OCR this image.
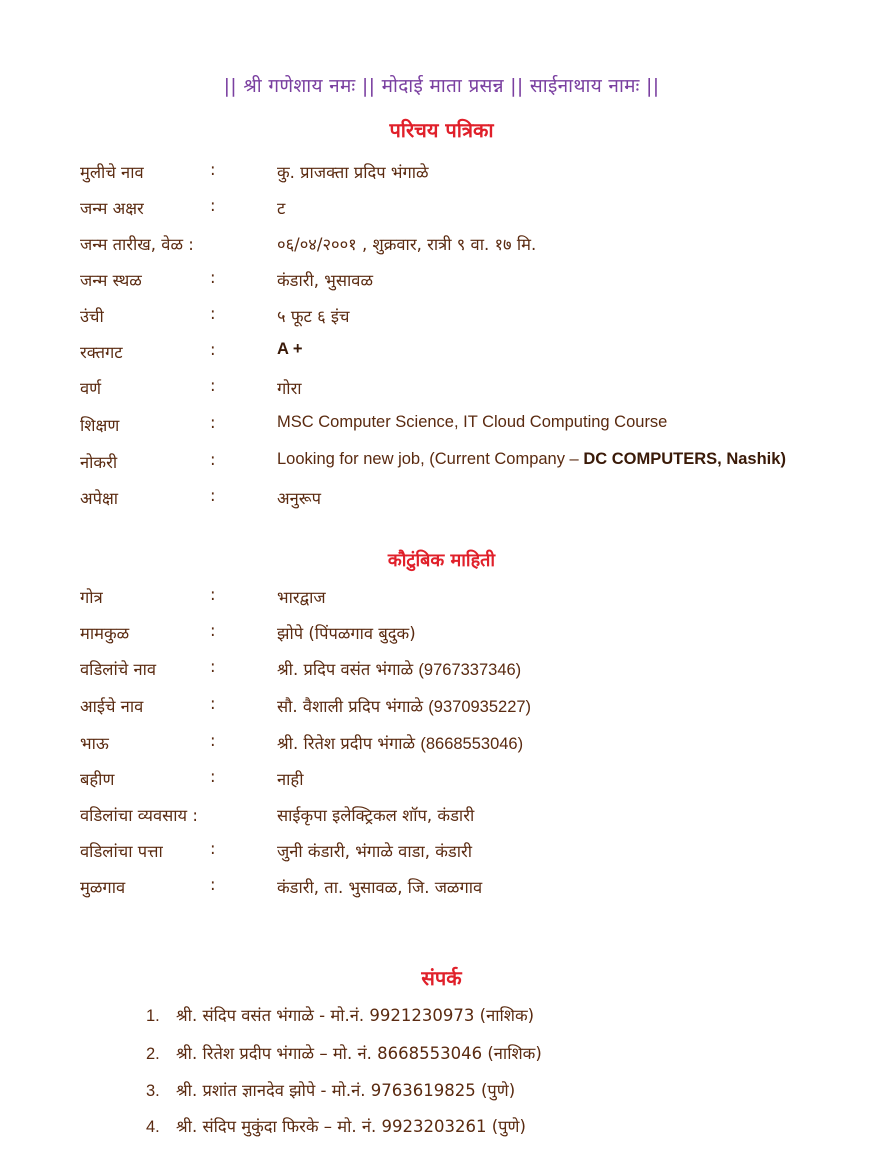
|| श्री गणेशाय नमः || मोदाई माता प्रसन्न || साईनाथाय नामः ||
परिचय पत्रिका
मुलीचे नाव	:	कु. प्राजक्ता प्रदिप भंगाळे
जन्म अक्षर	:	ट
जन्म तारीख, वेळ :	०६/०४/२००१ , शुक्रवार, रात्री ९ वा. १७ मि.
जन्म स्थळ	:	कंडारी, भुसावळ
उंची	:	५ फूट ६ इंच
रक्तगट	:	A +
वर्ण	:	गोरा
शिक्षण	:	MSC Computer Science, IT Cloud Computing Course
नोकरी	:	Looking for new job, (Current Company – DC COMPUTERS, Nashik)
अपेक्षा	:	अनुरूप
कौटुंबिक माहिती
गोत्र	:	भारद्वाज
मामकुळ	:	झोपे (पिंपळगाव बुदुक)
वडिलांचे नाव	:	श्री. प्रदिप वसंत भंगाळे (9767337346)
आईचे नाव	:	सौ. वैशाली प्रदिप भंगाळे (9370935227)
भाऊ	:	श्री. रितेश प्रदीप भंगाळे (8668553046)
बहीण	:	नाही
वडिलांचा व्यवसाय :	साईकृपा इलेक्ट्रिकल शॉप, कंडारी
वडिलांचा पत्ता	:	जुनी कंडारी, भंगाळे वाडा, कंडारी
मुळगाव	:	कंडारी, ता. भुसावळ, जि. जळगाव
संपर्क
1. श्री. संदिप वसंत भंगाळे - मो.नं. 9921230973 (नाशिक)
2. श्री. रितेश प्रदीप भंगाळे – मो. नं. 8668553046 (नाशिक)
3. श्री. प्रशांत ज्ञानदेव झोपे - मो.नं. 9763619825 (पुणे)
4. श्री. संदिप मुकुंदा फिरके – मो. नं. 9923203261 (पुणे)
